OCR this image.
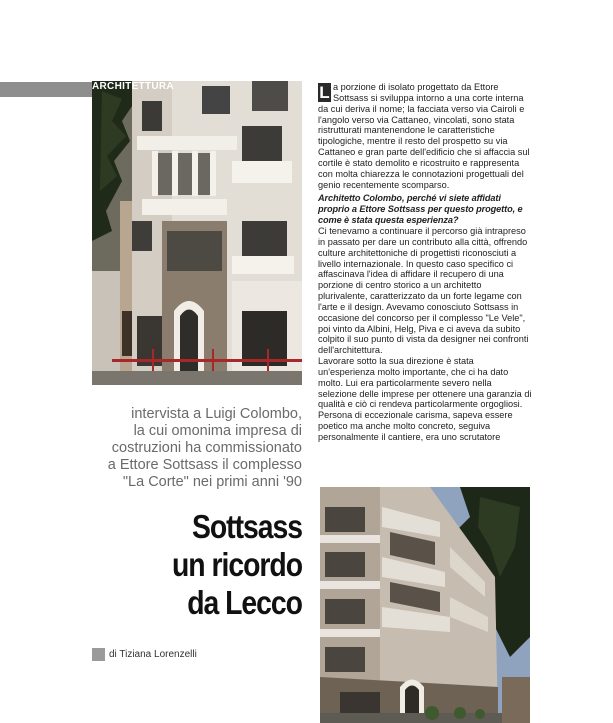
ARCHITETTURA
intervista a Luigi Colombo,
la cui omonima impresa di
costruzioni ha commissionato
a Ettore Sottsass il complesso
"La Corte" nei primi anni '90
Sottsass
un ricordo
da Lecco
di Tiziana Lorenzelli

L a porzione di isolato progettato da Ettore Sottsass si sviluppa intorno a una corte interna da cui deriva il nome; la facciata verso via Cairoli e l'angolo verso via Cattaneo, vincolati, sono stata ristrutturati mantenendone le caratteristiche tipologiche, mentre il resto del prospetto su via Cattaneo e gran parte dell'edificio che si affaccia sul cortile è stato demolito e ricostruito e rappresenta con molta chiarezza le connotazioni progettuali del genio recentemente scomparso.

Architetto Colombo, perché vi siete affidati proprio a Ettore Sottsass per questo progetto, e come è stata questa esperienza?

Ci tenevamo a continuare il percorso già intrapreso in passato per dare un contributo alla città, offrendo culture architettoniche di progettisti riconosciuti a livello internazionale. In questo caso specifico ci affascinava l'idea di affidare il recupero di una porzione di centro storico a un architetto plurivalente, caratterizzato da un forte legame con l'arte e il design. Avevamo conosciuto Sottsass in occasione del concorso per il complesso "Le Vele", poi vinto da Albini, Helg, Piva e ci aveva da subito colpito il suo punto di vista da designer nei confronti dell'architettura.

Lavorare sotto la sua direzione è stata un'esperienza molto importante, che ci ha dato molto. Lui era particolarmente severo nella selezione delle imprese per ottenere una garanzia di qualità e ciò ci rendeva particolarmente orgogliosi.

Persona di eccezionale carisma, sapeva essere poetico ma anche molto concreto, seguiva personalmente il cantiere, era uno scrutatore
